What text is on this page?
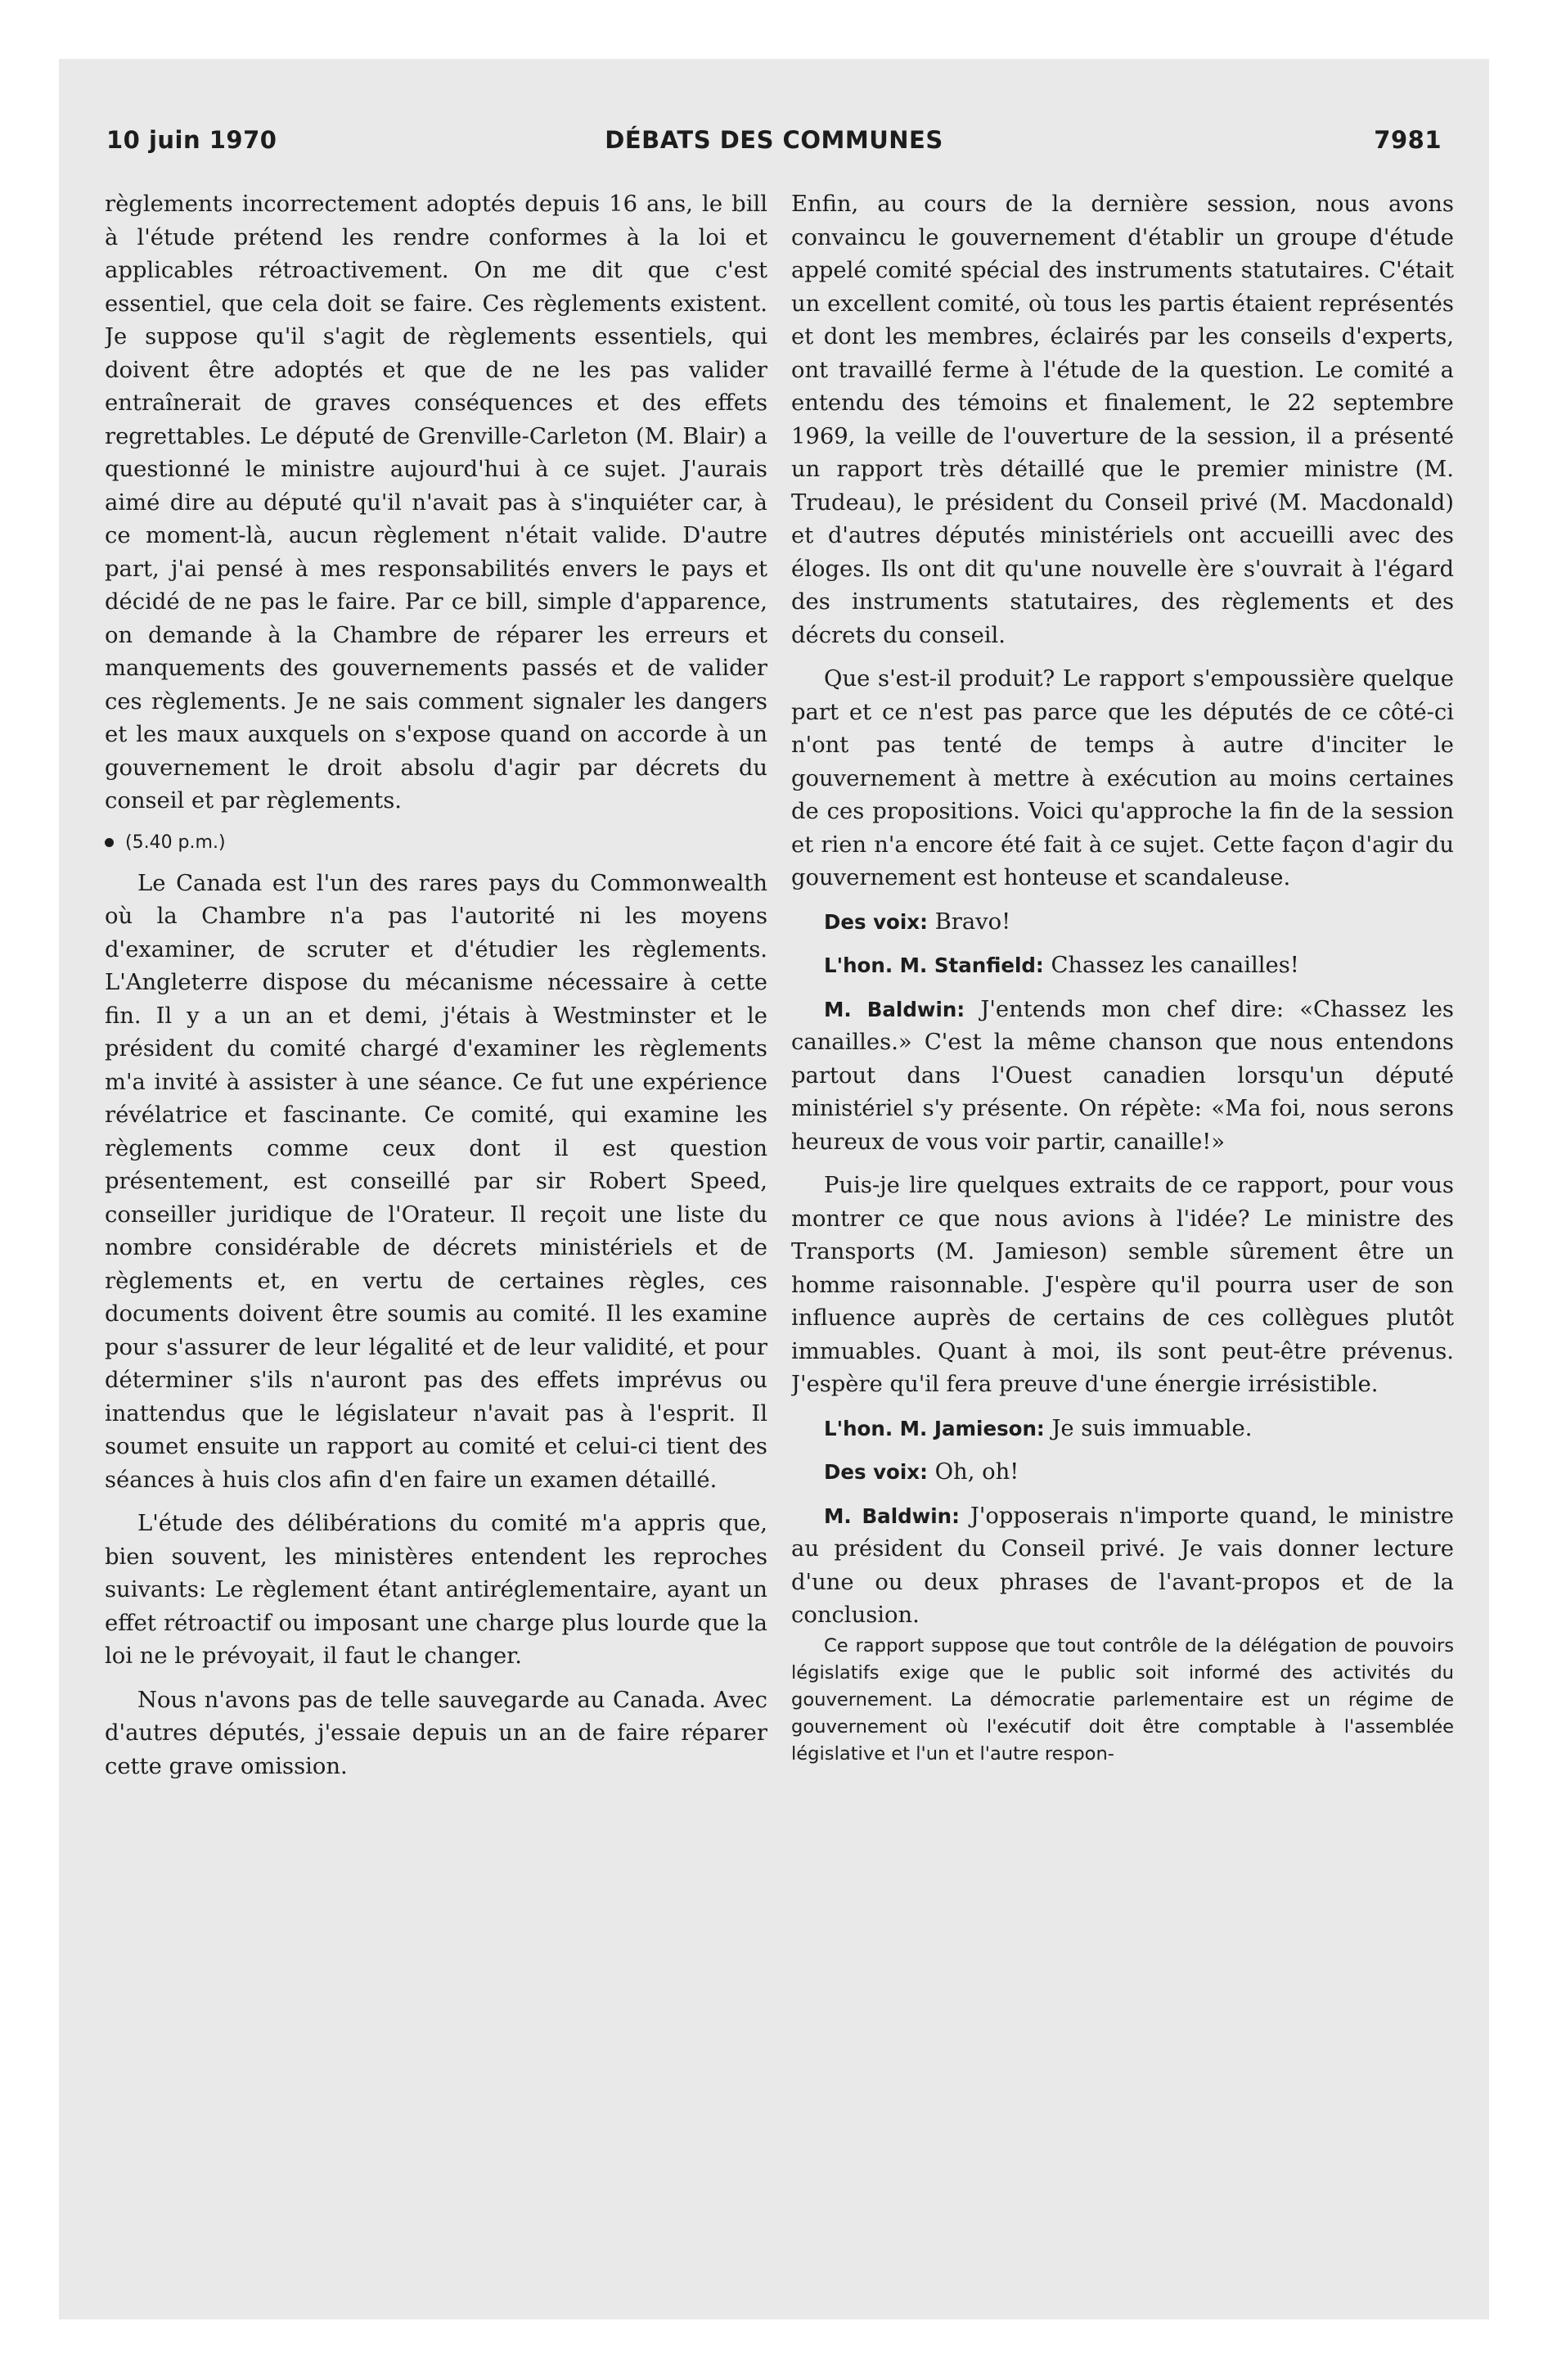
10 juin 1970	DÉBATS DES COMMUNES	7981

règlements incorrectement adoptés depuis 16 ans, le bill à l'étude prétend les rendre conformes à la loi et applicables rétroactivement. On me dit que c'est essentiel, que cela doit se faire. Ces règlements existent. Je suppose qu'il s'agit de règlements essentiels, qui doivent être adoptés et que de ne les pas valider entraînerait de graves conséquences et des effets regrettables. Le député de Grenville-Carleton (M. Blair) a questionné le ministre aujourd'hui à ce sujet. J'aurais aimé dire au député qu'il n'avait pas à s'inquiéter car, à ce moment-là, aucun règlement n'était valide. D'autre part, j'ai pensé à mes responsabilités envers le pays et décidé de ne pas le faire. Par ce bill, simple d'apparence, on demande à la Chambre de réparer les erreurs et manquements des gouvernements passés et de valider ces règlements. Je ne sais comment signaler les dangers et les maux auxquels on s'expose quand on accorde à un gouvernement le droit absolu d'agir par décrets du conseil et par règlements.

(5.40 p.m.)

Le Canada est l'un des rares pays du Commonwealth où la Chambre n'a pas l'autorité ni les moyens d'examiner, de scruter et d'étudier les règlements. L'Angleterre dispose du mécanisme nécessaire à cette fin. Il y a un an et demi, j'étais à Westminster et le président du comité chargé d'examiner les règlements m'a invité à assister à une séance. Ce fut une expérience révélatrice et fascinante. Ce comité, qui examine les règlements comme ceux dont il est question présentement, est conseillé par sir Robert Speed, conseiller juridique de l'Orateur. Il reçoit une liste du nombre considérable de décrets ministériels et de règlements et, en vertu de certaines règles, ces documents doivent être soumis au comité. Il les examine pour s'assurer de leur légalité et de leur validité, et pour déterminer s'ils n'auront pas des effets imprévus ou inattendus que le législateur n'avait pas à l'esprit. Il soumet ensuite un rapport au comité et celui-ci tient des séances à huis clos afin d'en faire un examen détaillé.

L'étude des délibérations du comité m'a appris que, bien souvent, les ministères entendent les reproches suivants: Le règlement étant antiréglementaire, ayant un effet rétroactif ou imposant une charge plus lourde que la loi ne le prévoyait, il faut le changer.

Nous n'avons pas de telle sauvegarde au Canada. Avec d'autres députés, j'essaie depuis un an de faire réparer cette grave omission.

Enfin, au cours de la dernière session, nous avons convaincu le gouvernement d'établir un groupe d'étude appelé comité spécial des instruments statutaires. C'était un excellent comité, où tous les partis étaient représentés et dont les membres, éclairés par les conseils d'experts, ont travaillé ferme à l'étude de la question. Le comité a entendu des témoins et finalement, le 22 septembre 1969, la veille de l'ouverture de la session, il a présenté un rapport très détaillé que le premier ministre (M. Trudeau), le président du Conseil privé (M. Macdonald) et d'autres députés ministériels ont accueilli avec des éloges. Ils ont dit qu'une nouvelle ère s'ouvrait à l'égard des instruments statutaires, des règlements et des décrets du conseil.

Que s'est-il produit? Le rapport s'empoussière quelque part et ce n'est pas parce que les députés de ce côté-ci n'ont pas tenté de temps à autre d'inciter le gouvernement à mettre à exécution au moins certaines de ces propositions. Voici qu'approche la fin de la session et rien n'a encore été fait à ce sujet. Cette façon d'agir du gouvernement est honteuse et scandaleuse.

Des voix: Bravo!

L'hon. M. Stanfield: Chassez les canailles!

M. Baldwin: J'entends mon chef dire: «Chassez les canailles.» C'est la même chanson que nous entendons partout dans l'Ouest canadien lorsqu'un député ministériel s'y présente. On répète: «Ma foi, nous serons heureux de vous voir partir, canaille!»

Puis-je lire quelques extraits de ce rapport, pour vous montrer ce que nous avions à l'idée? Le ministre des Transports (M. Jamieson) semble sûrement être un homme raisonnable. J'espère qu'il pourra user de son influence auprès de certains de ces collègues plutôt immuables. Quant à moi, ils sont peut-être prévenus. J'espère qu'il fera preuve d'une énergie irrésistible.

L'hon. M. Jamieson: Je suis immuable.

Des voix: Oh, oh!

M. Baldwin: J'opposerais n'importe quand, le ministre au président du Conseil privé. Je vais donner lecture d'une ou deux phrases de l'avant-propos et de la conclusion.

Ce rapport suppose que tout contrôle de la délégation de pouvoirs législatifs exige que le public soit informé des activités du gouvernement. La démocratie parlementaire est un régime de gouvernement où l'exécutif doit être comptable à l'assemblée législative et l'un et l'autre respon-
